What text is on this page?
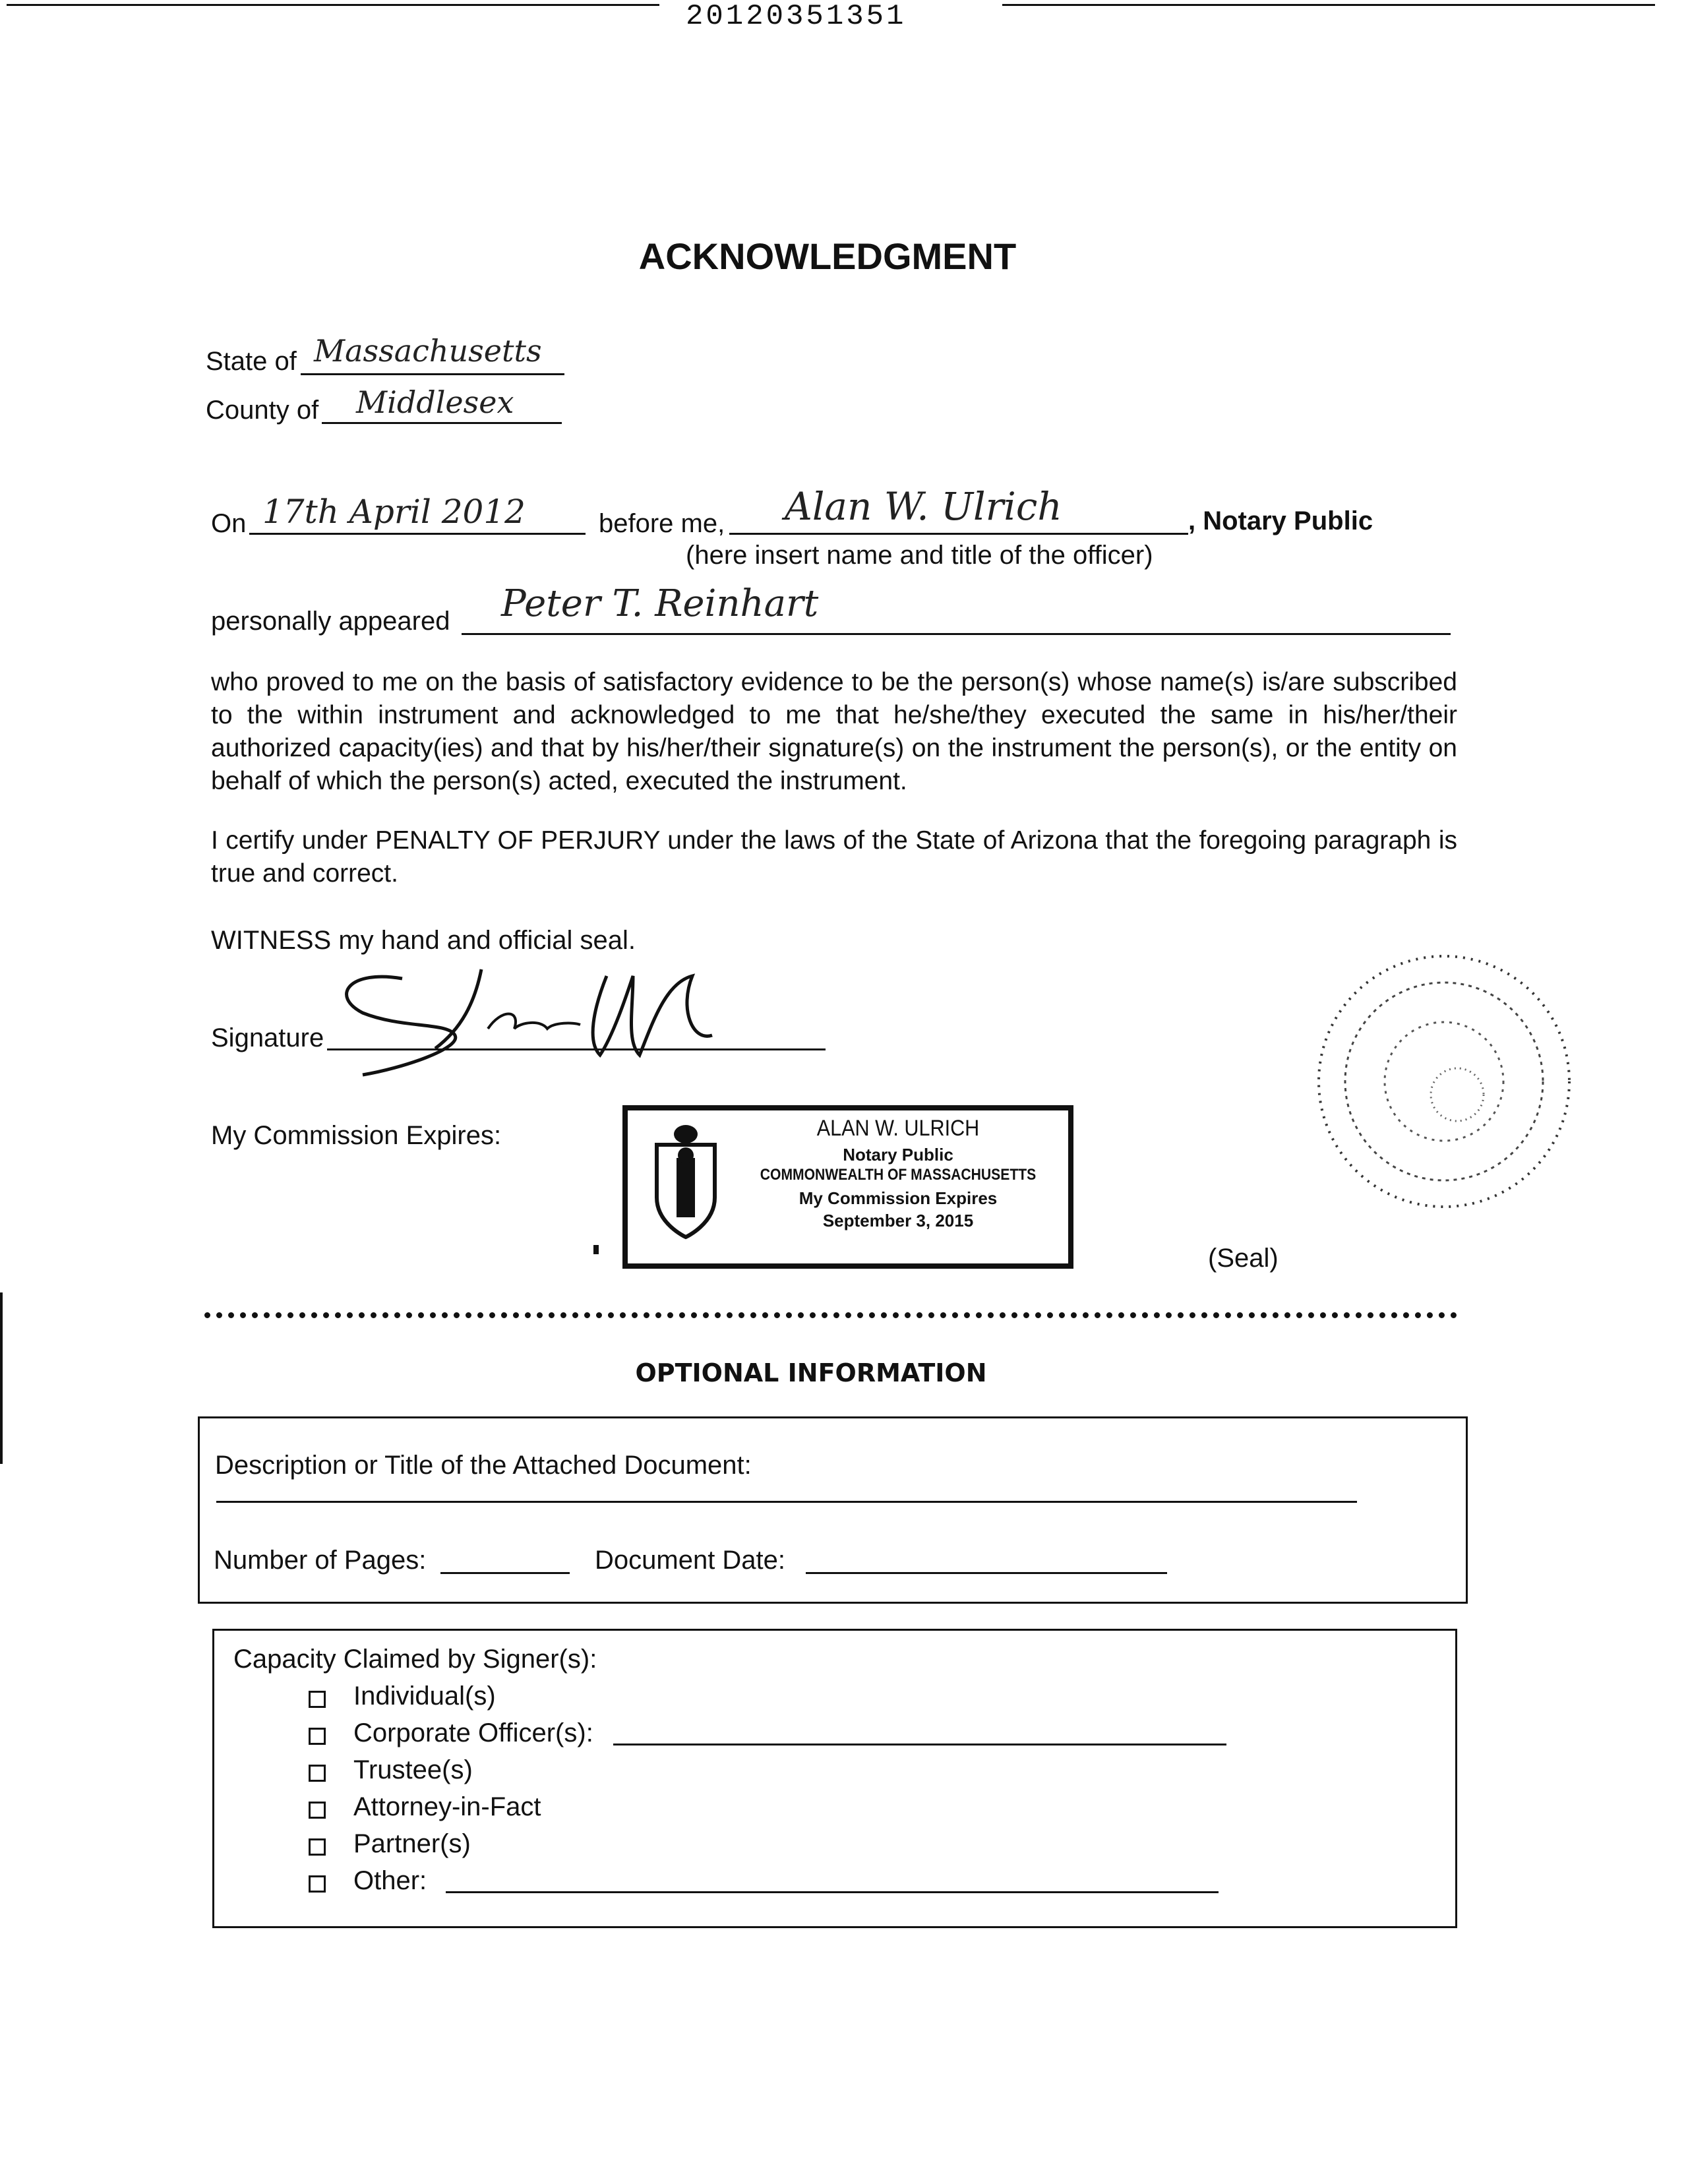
20120351351
ACKNOWLEDGMENT
State of Massachusetts
County of Middlesex
On 17th April 2012	before me, Alan W. Ulrich	, Notary Public
(here insert name and title of the officer)
personally appeared Peter T. Reinhart
who proved to me on the basis of satisfactory evidence to be the person(s) whose name(s) is/are subscribed to the within instrument and acknowledged to me that he/she/they executed the same in his/her/their authorized capacity(ies) and that by his/her/their signature(s) on the instrument the person(s), or the entity on behalf of which the person(s) acted, executed the instrument.
I certify under PENALTY OF PERJURY under the laws of the State of Arizona that the foregoing paragraph is true and correct.
WITNESS my hand and official seal.
Signature
My Commission Expires:	ALAN W. ULRICH
Notary Public
COMMONWEALTH OF MASSACHUSETTS
My Commission Expires
September 3, 2015
(Seal)
OPTIONAL INFORMATION
Description or Title of the Attached Document:
Number of Pages:	Document Date:
Capacity Claimed by Signer(s):
Individual(s)
Corporate Officer(s):
Trustee(s)
Attorney-in-Fact
Partner(s)
Other:
